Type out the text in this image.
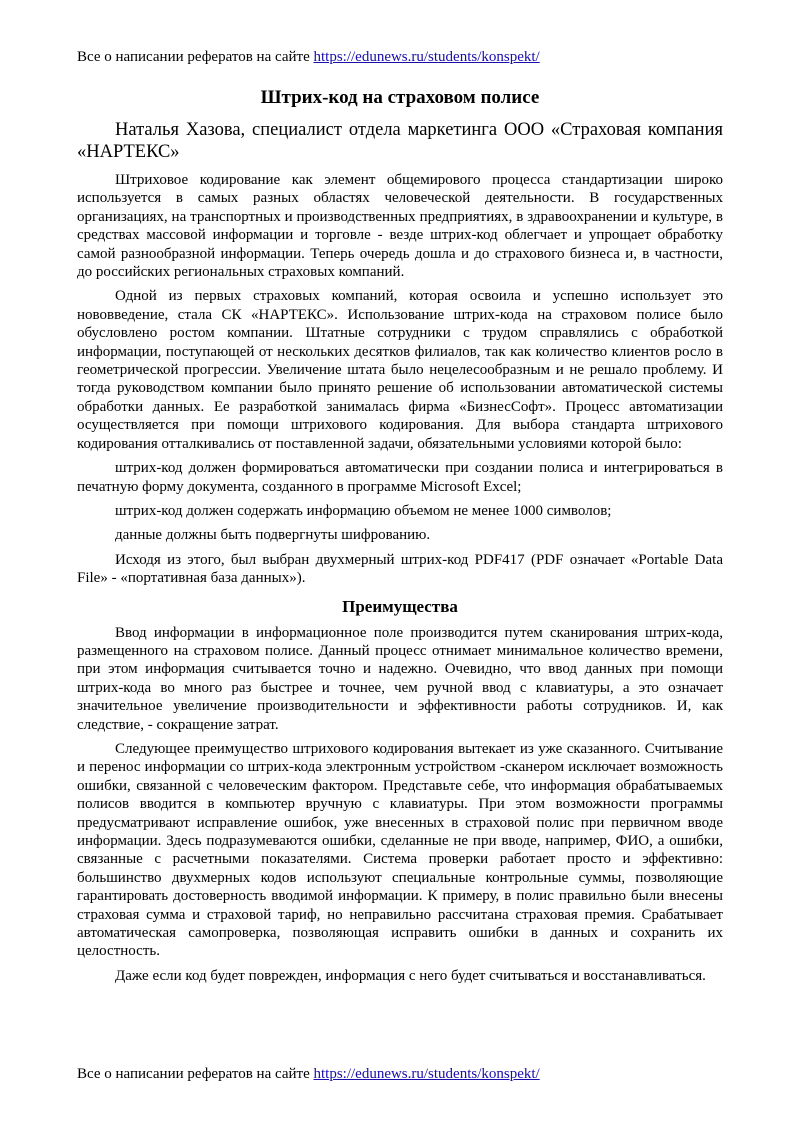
Все о написании рефератов на сайте https://edunews.ru/students/konspekt/
Штрих-код на страховом полисе

Наталья Хазова, специалист отдела маркетинга ООО «Страховая компания «НАРТЕКС»

Штриховое кодирование как элемент общемирового процесса стандартизации широко используется в самых разных областях человеческой деятельности. В государственных организациях, на транспортных и производственных предприятиях, в здравоохранении и культуре, в средствах массовой информации и торговле - везде штрих-код облегчает и упрощает обработку самой разнообразной информации. Теперь очередь дошла и до страхового бизнеса и, в частности, до российских региональных страховых компаний.

Одной из первых страховых компаний, которая освоила и успешно использует это нововведение, стала СК «НАРТЕКС». Использование штрих-кода на страховом полисе было обусловлено ростом компании. Штатные сотрудники с трудом справлялись с обработкой информации, поступающей от нескольких десятков филиалов, так как количество клиентов росло в геометрической прогрессии. Увеличение штата было нецелесообразным и не решало проблему. И тогда руководством компании было принято решение об использовании автоматической системы обработки данных. Ее разработкой занималась фирма «БизнесСофт». Процесс автоматизации осуществляется при помощи штрихового кодирования. Для выбора стандарта штрихового кодирования отталкивались от поставленной задачи, обязательными условиями которой было:

штрих-код должен формироваться автоматически при создании полиса и интегрироваться в печатную форму документа, созданного в программе Microsoft Excel;

штрих-код должен содержать информацию объемом не менее 1000 символов;

данные должны быть подвергнуты шифрованию.

Исходя из этого, был выбран двухмерный штрих-код PDF417 (PDF означает «Portable Data File» - «портативная база данных»).

Преимущества

Ввод информации в информационное поле производится путем сканирования штрих-кода, размещенного на страховом полисе. Данный процесс отнимает минимальное количество времени, при этом информация считывается точно и надежно. Очевидно, что ввод данных при помощи штрих-кода во много раз быстрее и точнее, чем ручной ввод с клавиатуры, а это означает значительное увеличение производительности и эффективности работы сотрудников. И, как следствие, - сокращение затрат.

Следующее преимущество штрихового кодирования вытекает из уже сказанного. Считывание и перенос информации со штрих-кода электронным устройством -сканером исключает возможность ошибки, связанной с человеческим фактором. Представьте себе, что информация обрабатываемых полисов вводится в компьютер вручную с клавиатуры. При этом возможности программы предусматривают исправление ошибок, уже внесенных в страховой полис при первичном вводе информации. Здесь подразумеваются ошибки, сделанные не при вводе, например, ФИО, а ошибки, связанные с расчетными показателями. Система проверки работает просто и эффективно: большинство двухмерных кодов используют специальные контрольные суммы, позволяющие гарантировать достоверность вводимой информации. К примеру, в полис правильно были внесены страховая сумма и страховой тариф, но неправильно рассчитана страховая премия. Срабатывает автоматическая самопроверка, позволяющая исправить ошибки в данных и сохранить их целостность.

Даже если код будет поврежден, информация с него будет считываться и восстанавливаться.

Все о написании рефератов на сайте https://edunews.ru/students/konspekt/
